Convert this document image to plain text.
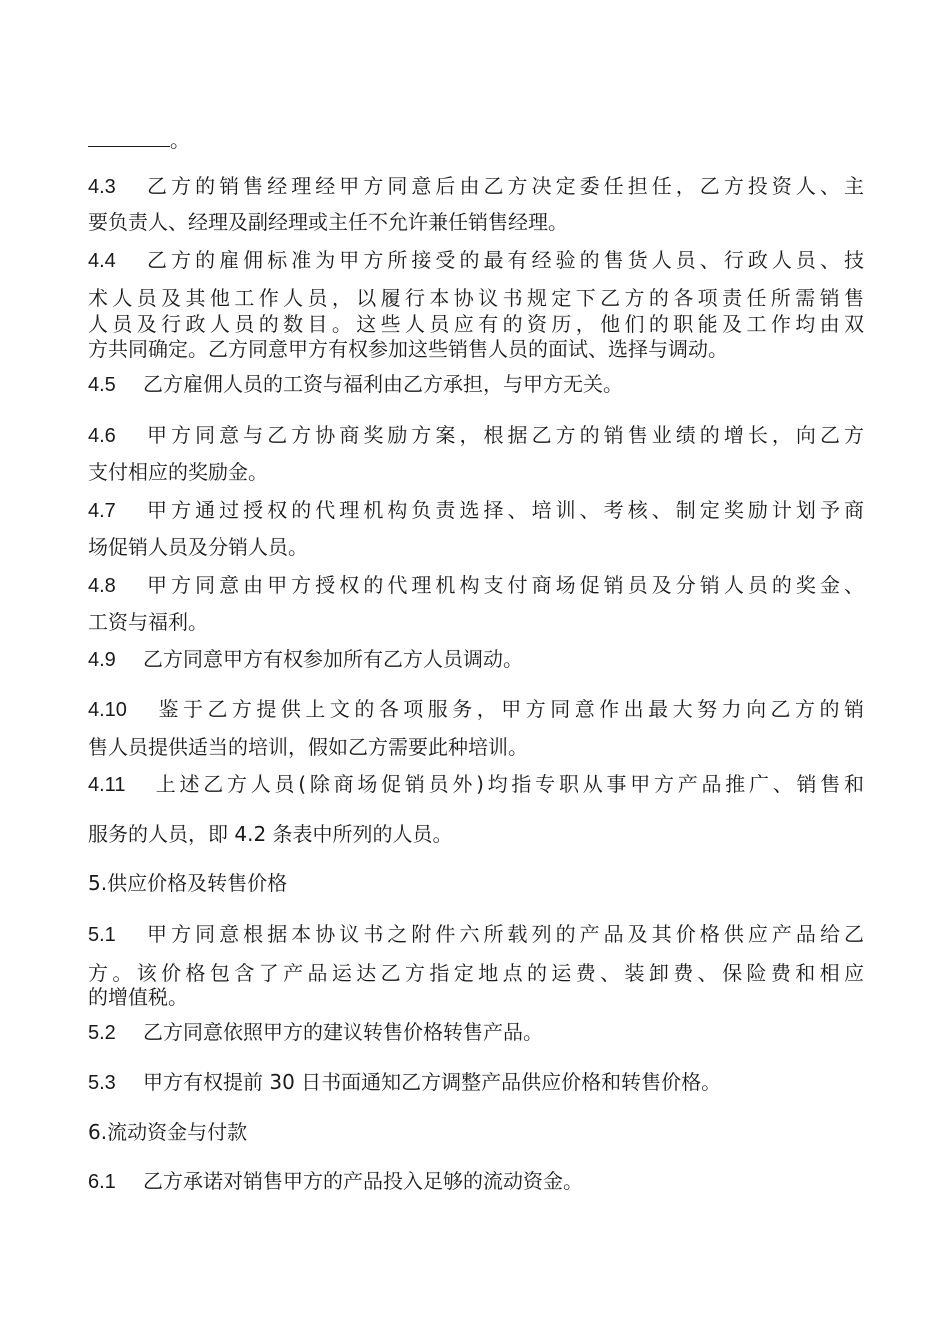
。
4.3 乙方的销售经理经甲方同意后由乙方决定委任担任，乙方投资人、主
要负责人、经理及副经理或主任不允许兼任销售经理。
4.4 乙方的雇佣标准为甲方所接受的最有经验的售货人员、行政人员、技
术人员及其他工作人员，以履行本协议书规定下乙方的各项责任所需销售
人员及行政人员的数目。这些人员应有的资历，他们的职能及工作均由双
方共同确定。乙方同意甲方有权参加这些销售人员的面试、选择与调动。
4.5 乙方雇佣人员的工资与福利由乙方承担，与甲方无关。
4.6 甲方同意与乙方协商奖励方案，根据乙方的销售业绩的增长，向乙方
支付相应的奖励金。
4.7 甲方通过授权的代理机构负责选择、培训、考核、制定奖励计划予商
场促销人员及分销人员。
4.8 甲方同意由甲方授权的代理机构支付商场促销员及分销人员的奖金、
工资与福利。
4.9 乙方同意甲方有权参加所有乙方人员调动。
4.10 鉴于乙方提供上文的各项服务，甲方同意作出最大努力向乙方的销
售人员提供适当的培训，假如乙方需要此种培训。
4.11 上述乙方人员(除商场促销员外)均指专职从事甲方产品推广、销售和
服务的人员，即 4.2 条表中所列的人员。
5.供应价格及转售价格
5.1 甲方同意根据本协议书之附件六所载列的产品及其价格供应产品给乙
方。该价格包含了产品运达乙方指定地点的运费、装卸费、保险费和相应
的增值税。
5.2 乙方同意依照甲方的建议转售价格转售产品。
5.3 甲方有权提前 30 日书面通知乙方调整产品供应价格和转售价格。
6.流动资金与付款
6.1 乙方承诺对销售甲方的产品投入足够的流动资金。
